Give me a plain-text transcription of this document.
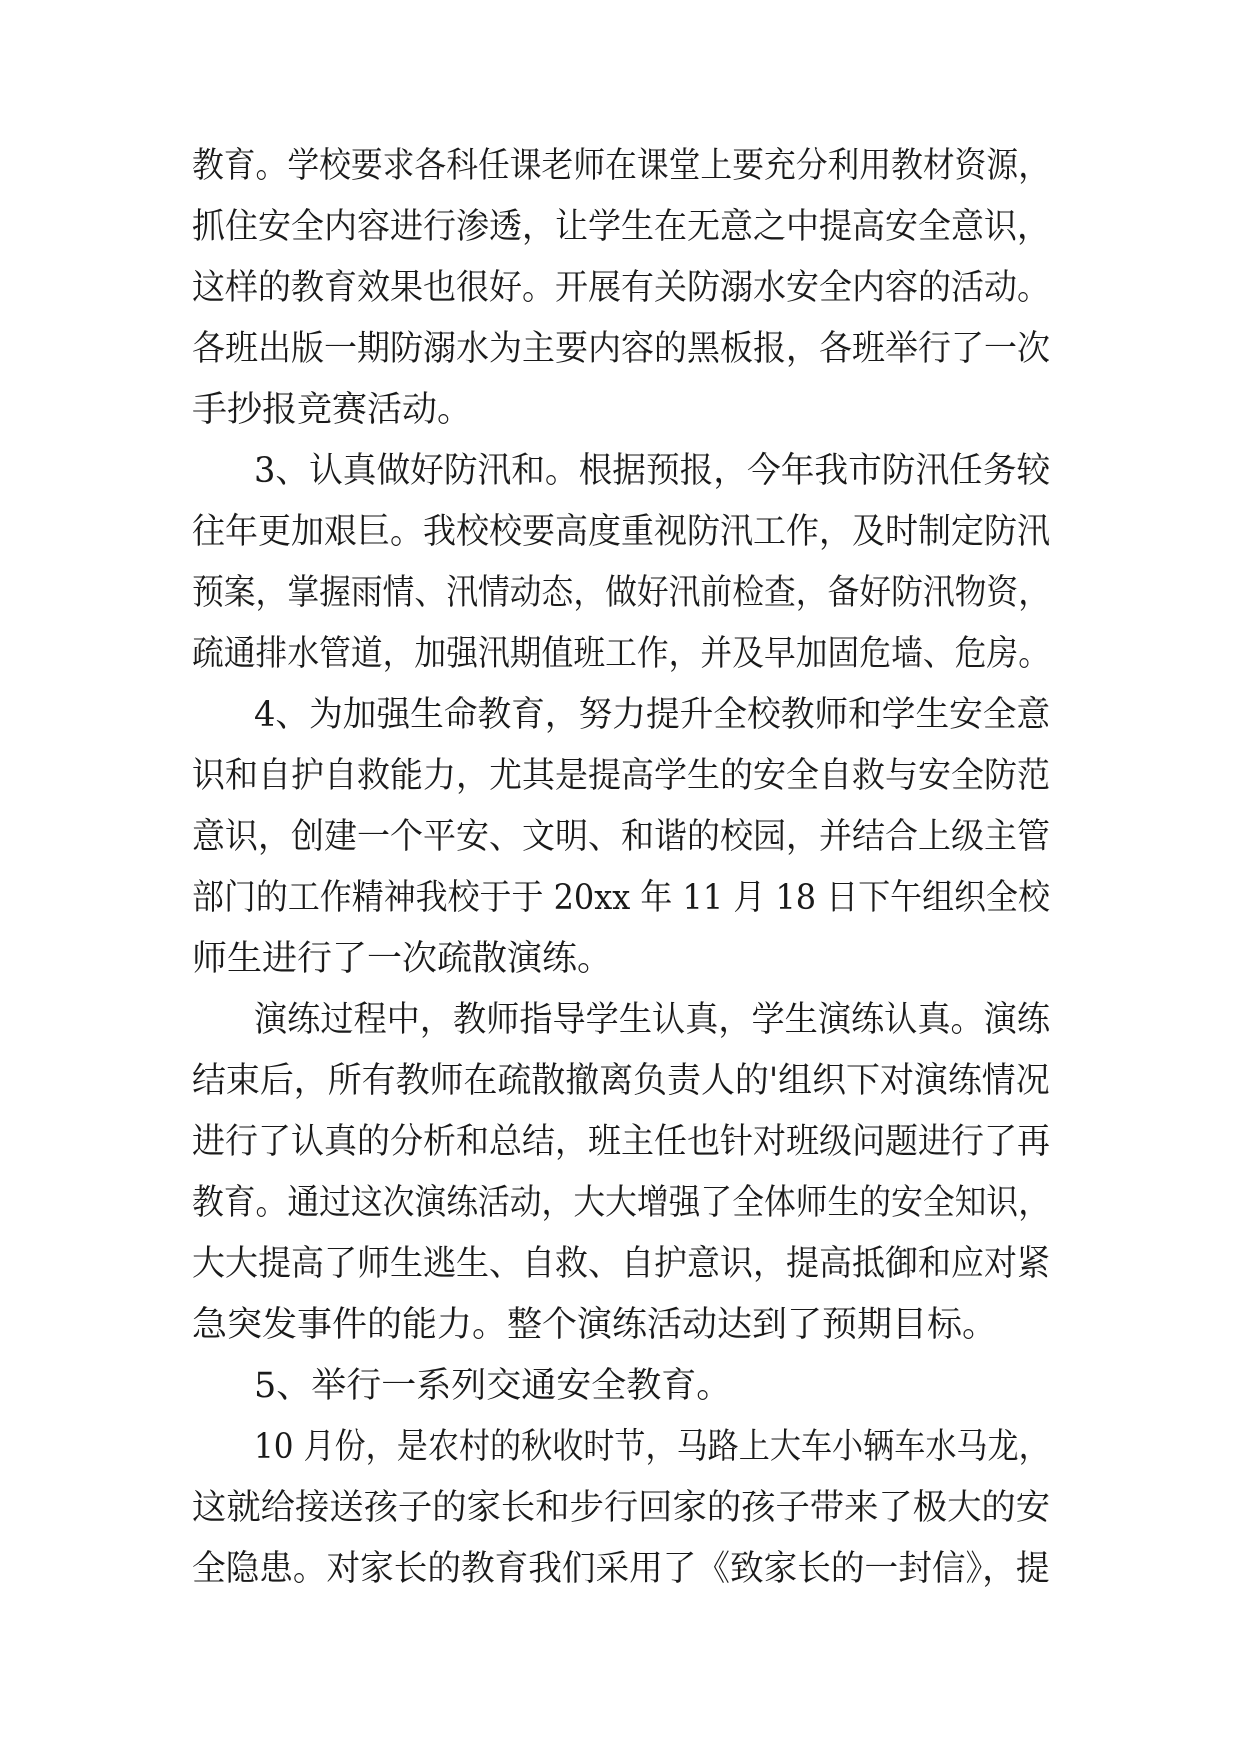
教育。学校要求各科任课老师在课堂上要充分利用教材资源，
抓住安全内容进行渗透，让学生在无意之中提高安全意识，
这样的教育效果也很好。开展有关防溺水安全内容的活动。
各班出版一期防溺水为主要内容的黑板报，各班举行了一次
手抄报竞赛活动。
3、认真做好防汛和。根据预报，今年我市防汛任务较
往年更加艰巨。我校校要高度重视防汛工作，及时制定防汛
预案，掌握雨情、汛情动态，做好汛前检查，备好防汛物资，
疏通排水管道，加强汛期值班工作，并及早加固危墙、危房。
4、为加强生命教育，努力提升全校教师和学生安全意
识和自护自救能力，尤其是提高学生的安全自救与安全防范
意识，创建一个平安、文明、和谐的校园，并结合上级主管
部门的工作精神我校于于 20xx 年 11 月 18 日下午组织全校
师生进行了一次疏散演练。
演练过程中，教师指导学生认真，学生演练认真。演练
结束后，所有教师在疏散撤离负责人的'组织下对演练情况
进行了认真的分析和总结，班主任也针对班级问题进行了再
教育。通过这次演练活动，大大增强了全体师生的安全知识，
大大提高了师生逃生、自救、自护意识，提高抵御和应对紧
急突发事件的能力。整个演练活动达到了预期目标。
5、举行一系列交通安全教育。
10 月份，是农村的秋收时节，马路上大车小辆车水马龙，
这就给接送孩子的家长和步行回家的孩子带来了极大的安
全隐患。对家长的教育我们采用了《致家长的一封信》，提
